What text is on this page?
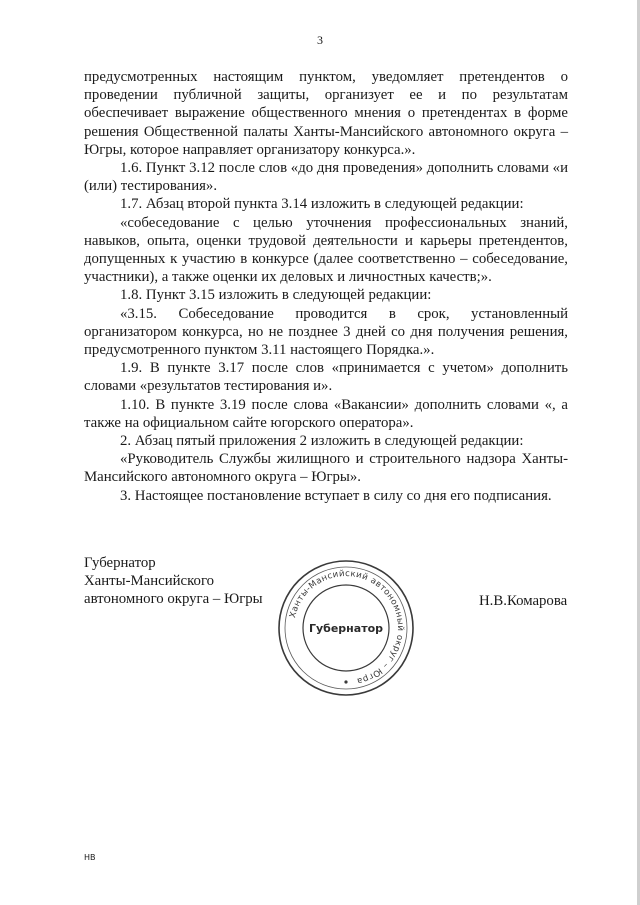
3

предусмотренных настоящим пунктом, уведомляет претендентов о проведении публичной защиты, организует ее и по результатам обеспечивает выражение общественного мнения о претендентах в форме решения Общественной палаты Ханты-Мансийского автономного округа – Югры, которое направляет организатору конкурса.».

1.6. Пункт 3.12 после слов «до дня проведения» дополнить словами «и (или) тестирования».

1.7. Абзац второй пункта 3.14 изложить в следующей редакции:

«собеседование с целью уточнения профессиональных знаний, навыков, опыта, оценки трудовой деятельности и карьеры претендентов, допущенных к участию в конкурсе (далее соответственно – собеседование, участники), а также оценки их деловых и личностных качеств;».

1.8. Пункт 3.15 изложить в следующей редакции:

«3.15. Собеседование проводится в срок, установленный организатором конкурса, но не позднее 3 дней со дня получения решения, предусмотренного пунктом 3.11 настоящего Порядка.».

1.9. В пункте 3.17 после слов «принимается с учетом» дополнить словами «результатов тестирования и».

1.10. В пункте 3.19 после слова «Вакансии» дополнить словами «, а также на официальном сайте югорского оператора».

2. Абзац пятый приложения 2 изложить в следующей редакции:

«Руководитель Службы жилищного и строительного надзора Ханты-Мансийского автономного округа – Югры».

3. Настоящее постановление вступает в силу со дня его подписания.

Губернатор
Ханты-Мансийского
автономного округа – Югры
Ханты-Мансийский автономный округ – Югра
Губернатор
Н.В.Комарова
НВ
